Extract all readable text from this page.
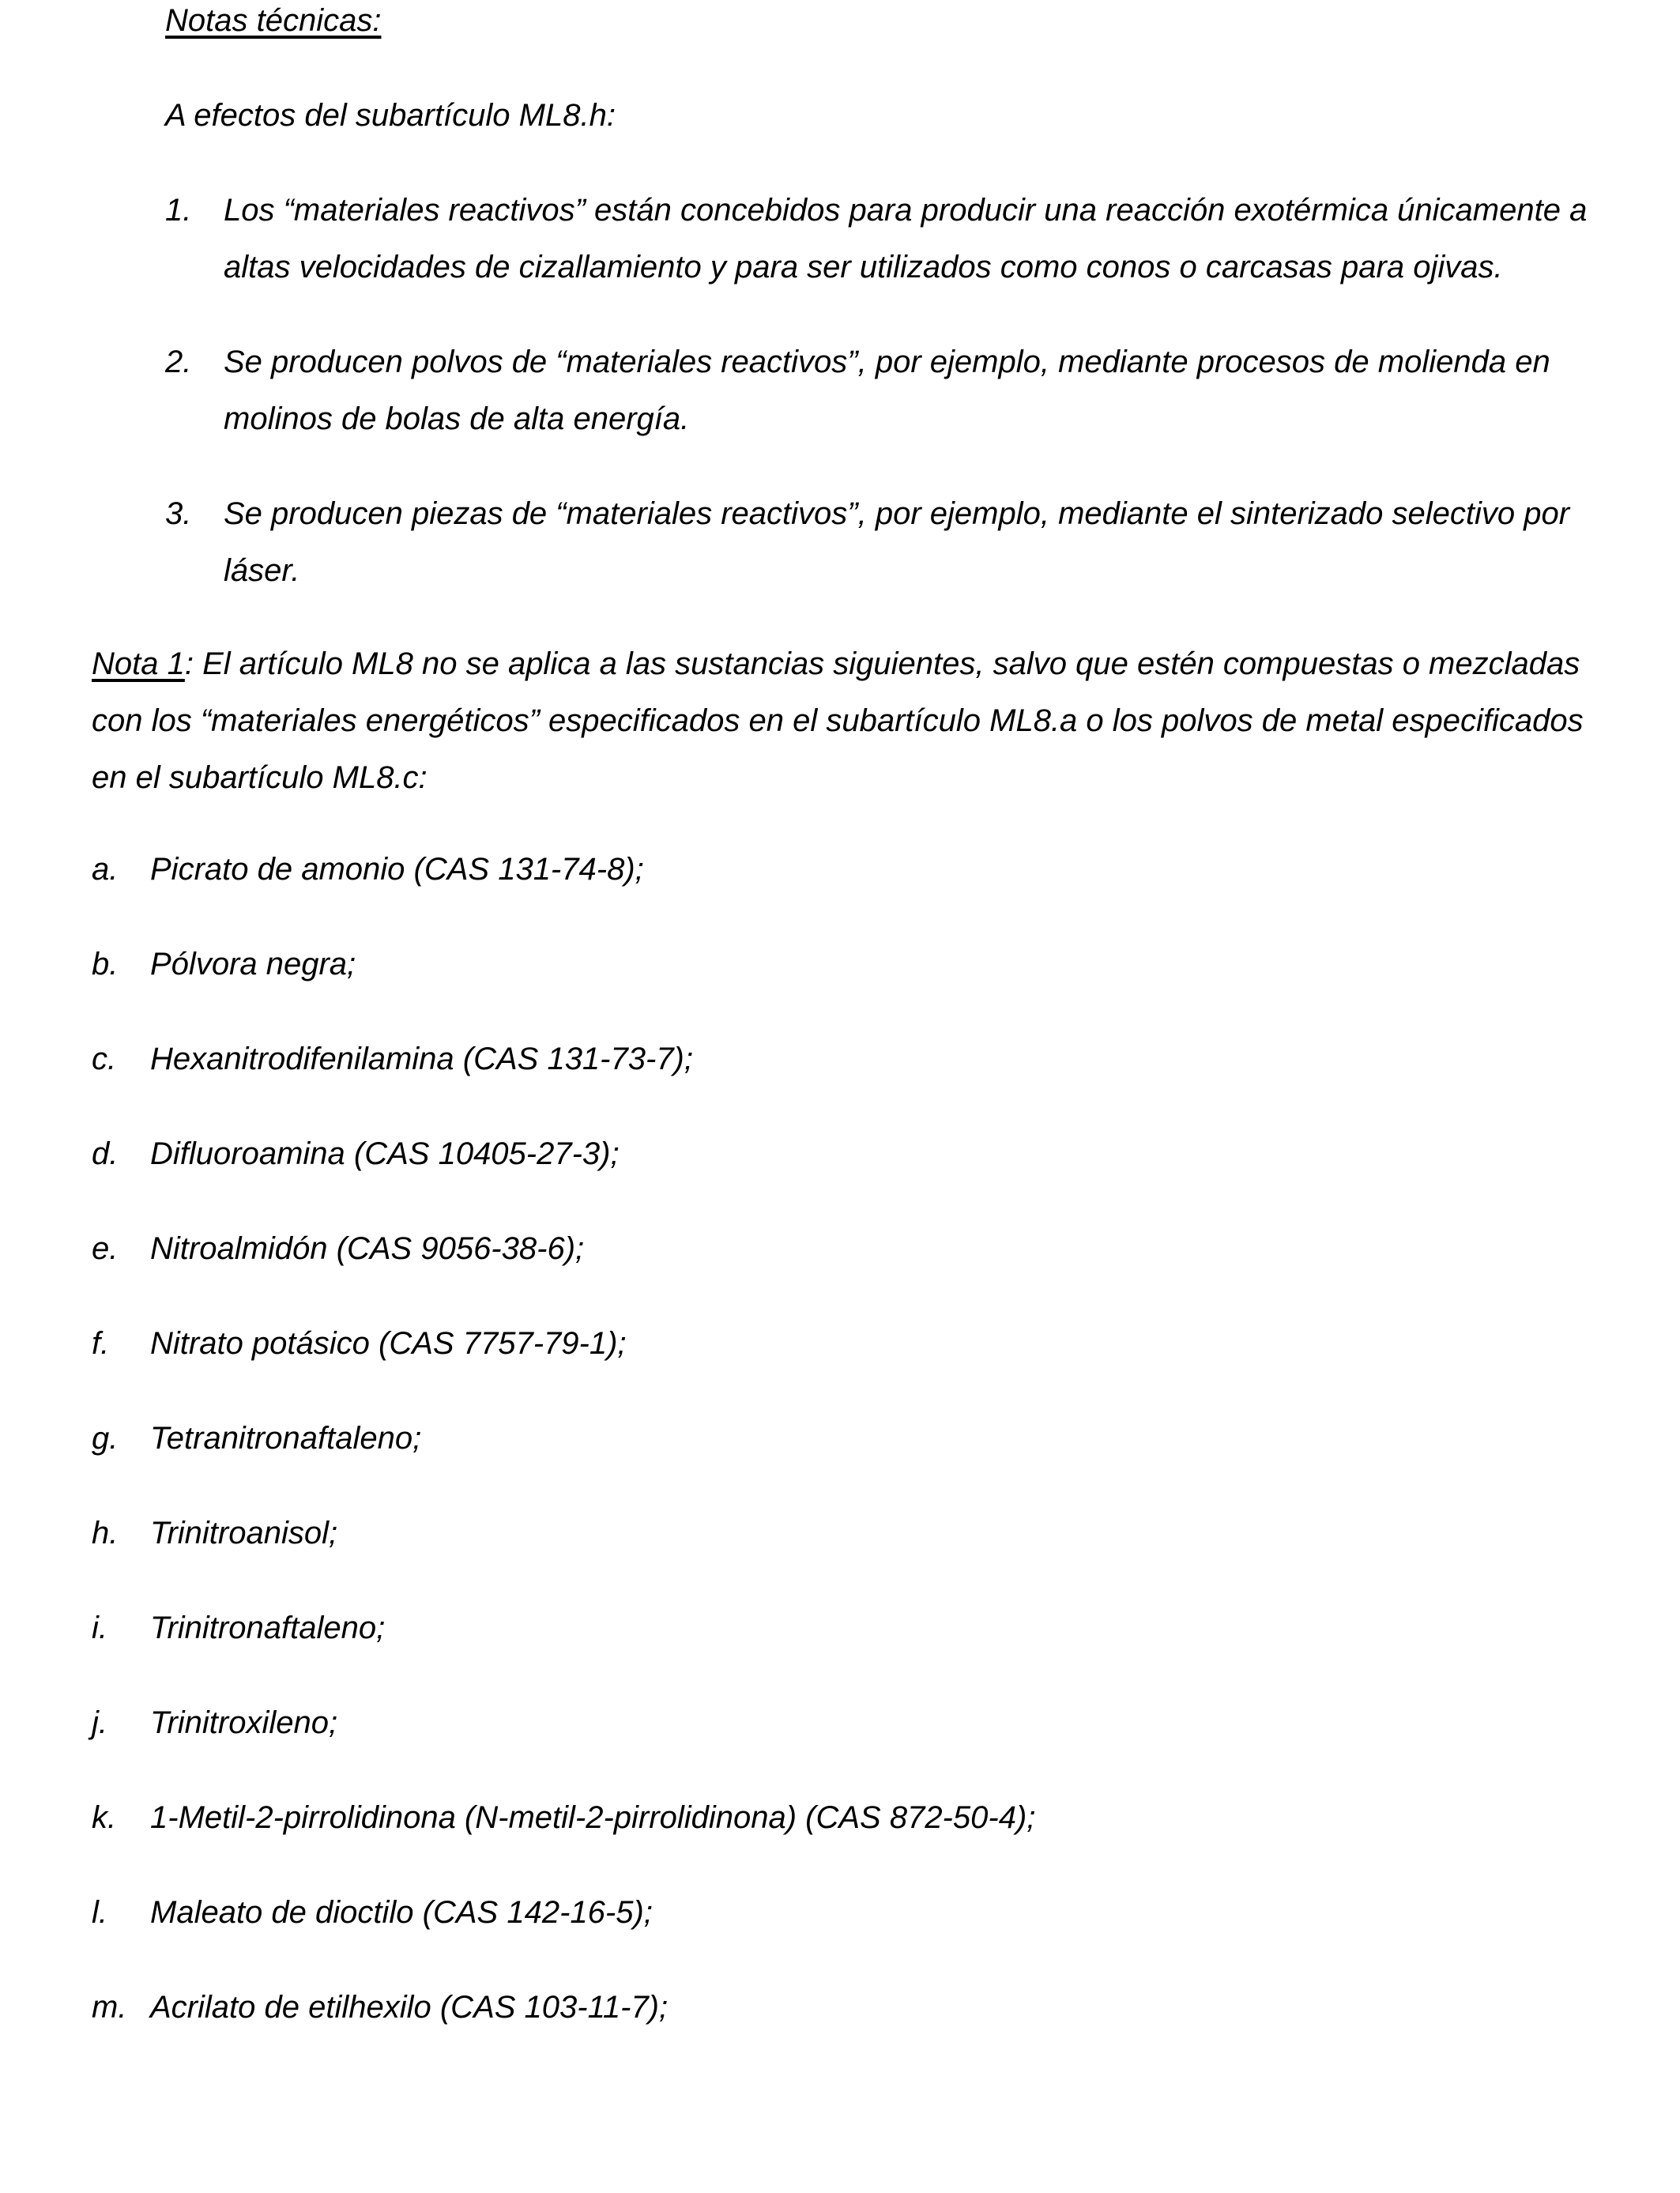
Notas técnicas:
A efectos del subartículo ML8.h:
1. Los “materiales reactivos” están concebidos para producir una reacción exotérmica únicamente a altas velocidades de cizallamiento y para ser utilizados como conos o carcasas para ojivas.
2. Se producen polvos de “materiales reactivos”, por ejemplo, mediante procesos de molienda en molinos de bolas de alta energía.
3. Se producen piezas de “materiales reactivos”, por ejemplo, mediante el sinterizado selectivo por láser.
Nota 1: El artículo ML8 no se aplica a las sustancias siguientes, salvo que estén compuestas o mezcladas con los “materiales energéticos” especificados en el subartículo ML8.a o los polvos de metal especificados en el subartículo ML8.c:
a. Picrato de amonio (CAS 131-74-8);
b. Pólvora negra;
c. Hexanitrodifenilamina (CAS 131-73-7);
d. Difluoroamina (CAS 10405-27-3);
e. Nitroalmidón (CAS 9056-38-6);
f. Nitrato potásico (CAS 7757-79-1);
g. Tetranitronaftaleno;
h. Trinitroanisol;
i. Trinitronaftaleno;
j. Trinitroxileno;
k. 1-Metil-2-pirrolidinona (N-metil-2-pirrolidinona) (CAS 872-50-4);
l. Maleato de dioctilo (CAS 142-16-5);
m. Acrilato de etilhexilo (CAS 103-11-7);
